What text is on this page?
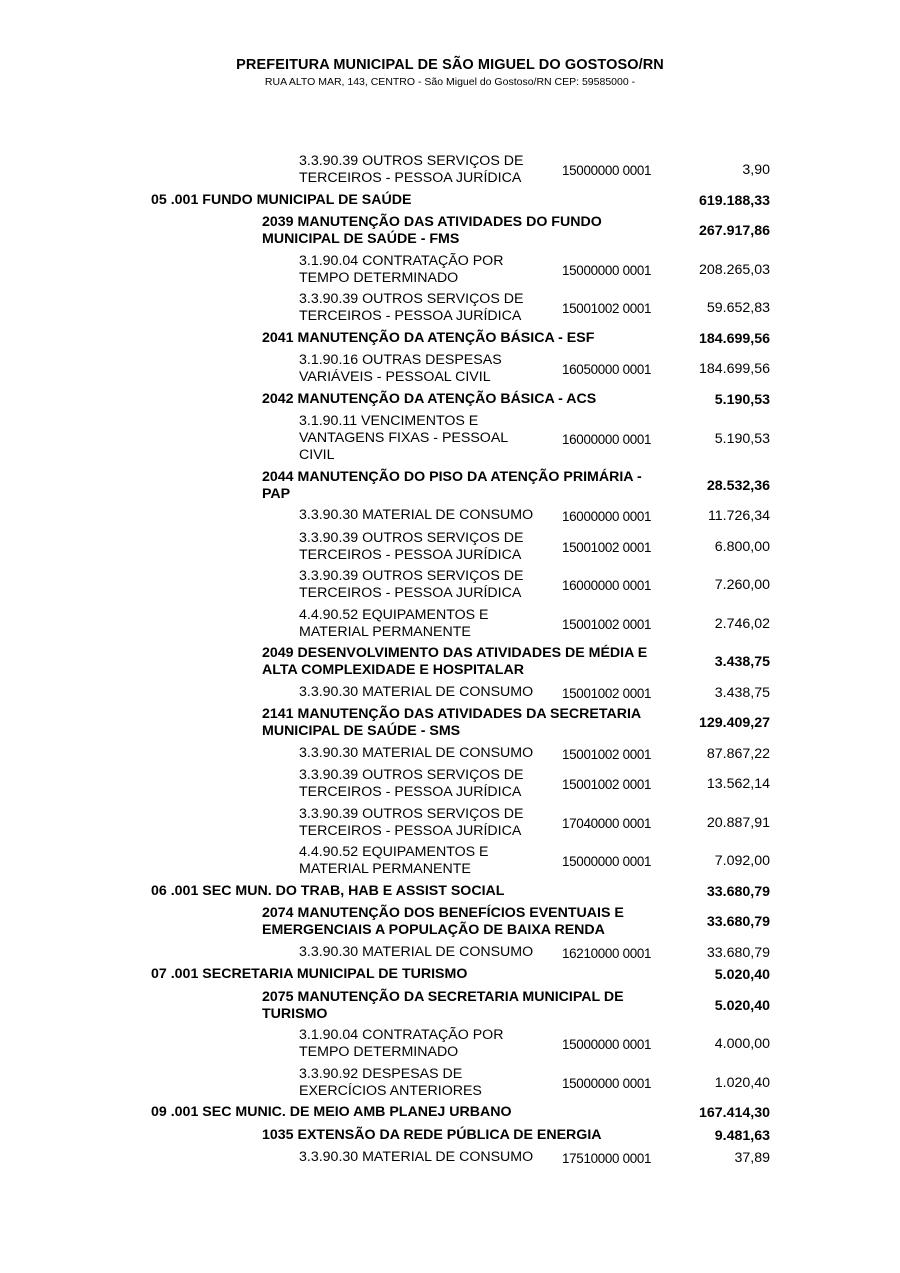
PREFEITURA MUNICIPAL DE SÃO MIGUEL DO GOSTOSO/RN
RUA ALTO MAR, 143, CENTRO - São Miguel do Gostoso/RN CEP: 59585000 -
3.3.90.39 OUTROS SERVIÇOS DE
TERCEIROS - PESSOA JURÍDICA	15000000 0001	3,90
05 .001 FUNDO MUNICIPAL DE SAÚDE	619.188,33
2039 MANUTENÇÃO DAS ATIVIDADES DO FUNDO
MUNICIPAL DE SAÚDE - FMS	267.917,86
3.1.90.04 CONTRATAÇÃO POR
TEMPO DETERMINADO	15000000 0001	208.265,03
3.3.90.39 OUTROS SERVIÇOS DE
TERCEIROS - PESSOA JURÍDICA	15001002 0001	59.652,83
2041 MANUTENÇÃO DA ATENÇÃO BÁSICA - ESF	184.699,56
3.1.90.16 OUTRAS DESPESAS
VARIÁVEIS - PESSOAL CIVIL	16050000 0001	184.699,56
2042 MANUTENÇÃO DA ATENÇÃO BÁSICA - ACS	5.190,53
3.1.90.11 VENCIMENTOS E
VANTAGENS FIXAS - PESSOAL
CIVIL
16000000 0001	5.190,53
2044 MANUTENÇÃO DO PISO DA ATENÇÃO PRIMÁRIA -
PAP	28.532,36
3.3.90.30 MATERIAL DE CONSUMO	16000000 0001	11.726,34
3.3.90.39 OUTROS SERVIÇOS DE
TERCEIROS - PESSOA JURÍDICA	15001002 0001	6.800,00
3.3.90.39 OUTROS SERVIÇOS DE
TERCEIROS - PESSOA JURÍDICA	16000000 0001	7.260,00
4.4.90.52 EQUIPAMENTOS E
MATERIAL PERMANENTE	15001002 0001	2.746,02
2049 DESENVOLVIMENTO DAS ATIVIDADES DE MÉDIA E
ALTA COMPLEXIDADE E HOSPITALAR	3.438,75
3.3.90.30 MATERIAL DE CONSUMO	15001002 0001	3.438,75
2141 MANUTENÇÃO DAS ATIVIDADES DA SECRETARIA
MUNICIPAL DE SAÚDE - SMS	129.409,27
3.3.90.30 MATERIAL DE CONSUMO	15001002 0001	87.867,22
3.3.90.39 OUTROS SERVIÇOS DE
TERCEIROS - PESSOA JURÍDICA	15001002 0001	13.562,14
3.3.90.39 OUTROS SERVIÇOS DE
TERCEIROS - PESSOA JURÍDICA	17040000 0001	20.887,91
4.4.90.52 EQUIPAMENTOS E
MATERIAL PERMANENTE	15000000 0001	7.092,00
06 .001 SEC MUN. DO TRAB, HAB E ASSIST SOCIAL	33.680,79
2074 MANUTENÇÃO DOS BENEFÍCIOS EVENTUAIS E
EMERGENCIAIS A POPULAÇÃO DE BAIXA RENDA	33.680,79
3.3.90.30 MATERIAL DE CONSUMO	16210000 0001	33.680,79
07 .001 SECRETARIA MUNICIPAL DE TURISMO	5.020,40
2075 MANUTENÇÃO DA SECRETARIA MUNICIPAL DE
TURISMO	5.020,40
3.1.90.04 CONTRATAÇÃO POR
TEMPO DETERMINADO	15000000 0001	4.000,00
3.3.90.92 DESPESAS DE
EXERCÍCIOS ANTERIORES	15000000 0001	1.020,40
09 .001 SEC MUNIC. DE MEIO AMB PLANEJ URBANO	167.414,30
1035 EXTENSÃO DA REDE PÚBLICA DE ENERGIA	9.481,63
3.3.90.30 MATERIAL DE CONSUMO	17510000 0001	37,89
